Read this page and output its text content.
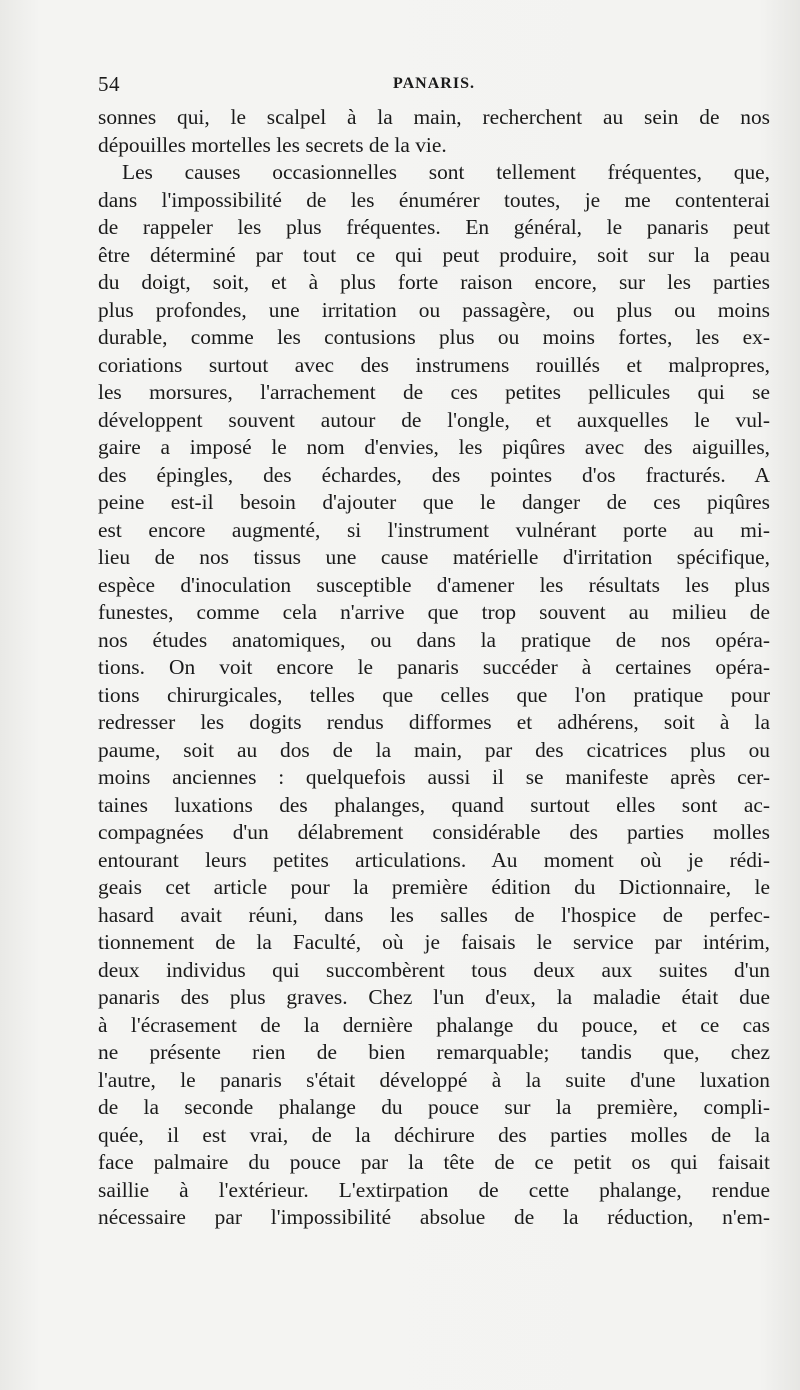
54	PANARIS.
sonnes qui, le scalpel à la main, recherchent au sein de nos
dépouilles mortelles les secrets de la vie.
Les causes occasionnelles sont tellement fréquentes, que,
dans l'impossibilité de les énumérer toutes, je me contenterai
de rappeler les plus fréquentes. En général, le panaris peut
être déterminé par tout ce qui peut produire, soit sur la peau
du doigt, soit, et à plus forte raison encore, sur les parties
plus profondes, une irritation ou passagère, ou plus ou moins
durable, comme les contusions plus ou moins fortes, les ex-
coriations surtout avec des instrumens rouillés et malpropres,
les morsures, l'arrachement de ces petites pellicules qui se
développent souvent autour de l'ongle, et auxquelles le vul-
gaire a imposé le nom d'envies, les piqûres avec des aiguilles,
des épingles, des échardes, des pointes d'os fracturés. A
peine est-il besoin d'ajouter que le danger de ces piqûres
est encore augmenté, si l'instrument vulnérant porte au mi-
lieu de nos tissus une cause matérielle d'irritation spécifique,
espèce d'inoculation susceptible d'amener les résultats les plus
funestes, comme cela n'arrive que trop souvent au milieu de
nos études anatomiques, ou dans la pratique de nos opéra-
tions. On voit encore le panaris succéder à certaines opéra-
tions chirurgicales, telles que celles que l'on pratique pour
redresser les dogits rendus difformes et adhérens, soit à la
paume, soit au dos de la main, par des cicatrices plus ou
moins anciennes : quelquefois aussi il se manifeste après cer-
taines luxations des phalanges, quand surtout elles sont ac-
compagnées d'un délabrement considérable des parties molles
entourant leurs petites articulations. Au moment où je rédi-
geais cet article pour la première édition du Dictionnaire, le
hasard avait réuni, dans les salles de l'hospice de perfec-
tionnement de la Faculté, où je faisais le service par intérim,
deux individus qui succombèrent tous deux aux suites d'un
panaris des plus graves. Chez l'un d'eux, la maladie était due
à l'écrasement de la dernière phalange du pouce, et ce cas
ne présente rien de bien remarquable; tandis que, chez
l'autre, le panaris s'était développé à la suite d'une luxation
de la seconde phalange du pouce sur la première, compli-
quée, il est vrai, de la déchirure des parties molles de la
face palmaire du pouce par la tête de ce petit os qui faisait
saillie à l'extérieur. L'extirpation de cette phalange, rendue
nécessaire par l'impossibilité absolue de la réduction, n'em-
